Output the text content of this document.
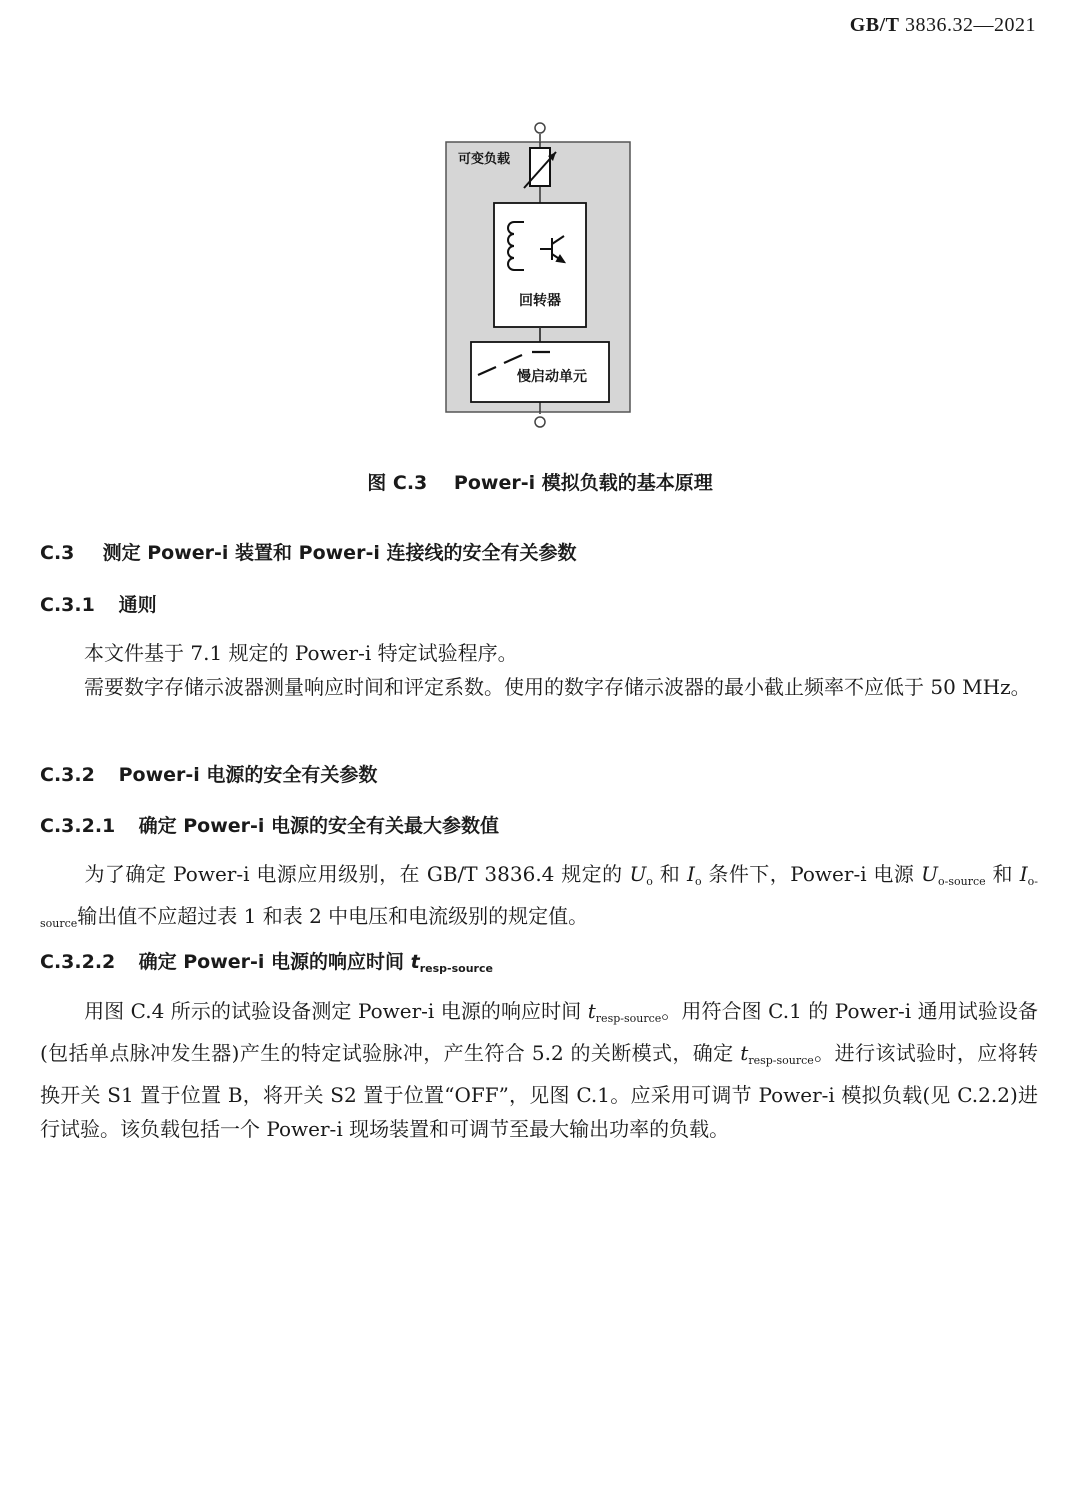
GB/T 3836.32—2021
可变负载
回转器
慢启动单元
图 C.3 Power-i 模拟负载的基本原理
C.3 测定 Power-i 装置和 Power-i 连接线的安全有关参数
C.3.1 通则
本文件基于 7.1 规定的 Power-i 特定试验程序。
需要数字存储示波器测量响应时间和评定系数。使用的数字存储示波器的最小截止频率不应低于 50 MHz。
C.3.2 Power-i 电源的安全有关参数
C.3.2.1 确定 Power-i 电源的安全有关最大参数值
为了确定 Power-i 电源应用级别，在 GB/T 3836.4 规定的 $U_o$ 和 $I_o$ 条件下，Power-i 电源 $U_{o-source}$ 和 $I_{o-source}$输出值不应超过表 1 和表 2 中电压和电流级别的规定值。
C.3.2.2 确定 Power-i 电源的响应时间 $t_{resp-source}$
用图 C.4 所示的试验设备测定 Power-i 电源的响应时间 $t_{resp-source}$。用符合图 C.1 的 Power-i 通用试验设备(包括单点脉冲发生器)产生的特定试验脉冲，产生符合 5.2 的关断模式，确定 $t_{resp-source}$。进行该试验时，应将转换开关 S1 置于位置 B，将开关 S2 置于位置“OFF”，见图 C.1。应采用可调节 Power-i 模拟负载(见 C.2.2)进行试验。该负载包括一个 Power-i 现场装置和可调节至最大输出功率的负载。
